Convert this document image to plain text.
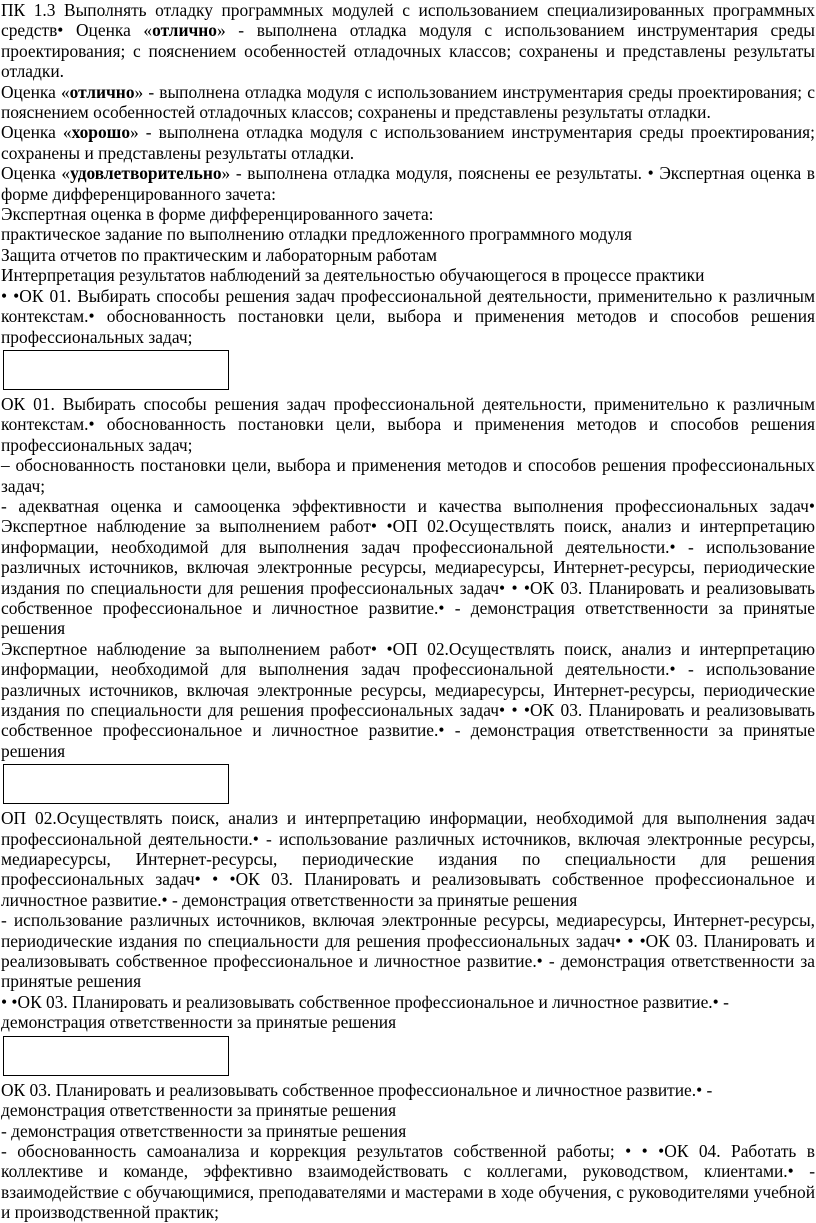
ПК 1.3 Выполнять отладку программных модулей с использованием специализированных программных средств• Оценка «отлично» - выполнена отладка модуля с использованием инструментария среды проектирования; с пояснением особенностей отладочных классов; сохранены и представлены результаты отладки.

Оценка «отлично» - выполнена отладка модуля с использованием инструментария среды проектирования; с пояснением особенностей отладочных классов; сохранены и представлены результаты отладки.

Оценка «хорошо» - выполнена отладка модуля с использованием инструментария среды проектирования; сохранены и представлены результаты отладки.

Оценка «удовлетворительно» - выполнена отладка модуля, пояснены ее результаты. • Экспертная оценка в форме дифференцированного зачета:

Экспертная оценка в форме дифференцированного зачета:

практическое задание по выполнению отладки предложенного программного модуля

Защита отчетов по практическим и лабораторным работам

Интерпретация результатов наблюдений за деятельностью обучающегося в процессе практики

• •ОК 01. Выбирать способы решения задач профессиональной деятельности, применительно к различным контекстам.• обоснованность постановки цели, выбора и применения методов и способов решения профессиональных задач;

ОК 01. Выбирать способы решения задач профессиональной деятельности, применительно к различным контекстам.• обоснованность постановки цели, выбора и применения методов и способов решения профессиональных задач;

– обоснованность постановки цели, выбора и применения методов и способов решения профессиональных задач;

- адекватная оценка и самооценка эффективности и качества выполнения профессиональных задач• Экспертное наблюдение за выполнением работ• •ОП 02.Осуществлять поиск, анализ и интерпретацию информации, необходимой для выполнения задач профессиональной деятельности.• - использование различных источников, включая электронные ресурсы, медиаресурсы, Интернет-ресурсы, периодические издания по специальности для решения профессиональных задач• • •ОК 03. Планировать и реализовывать собственное профессиональное и личностное развитие.• - демонстрация ответственности за принятые решения

Экспертное наблюдение за выполнением работ• •ОП 02.Осуществлять поиск, анализ и интерпретацию информации, необходимой для выполнения задач профессиональной деятельности.• - использование различных источников, включая электронные ресурсы, медиаресурсы, Интернет-ресурсы, периодические издания по специальности для решения профессиональных задач• • •ОК 03. Планировать и реализовывать собственное профессиональное и личностное развитие.• - демонстрация ответственности за принятые решения

ОП 02.Осуществлять поиск, анализ и интерпретацию информации, необходимой для выполнения задач профессиональной деятельности.• - использование различных источников, включая электронные ресурсы, медиаресурсы, Интернет-ресурсы, периодические издания по специальности для решения профессиональных задач• • •ОК 03. Планировать и реализовывать собственное профессиональное и личностное развитие.• - демонстрация ответственности за принятые решения

- использование различных источников, включая электронные ресурсы, медиаресурсы, Интернет-ресурсы, периодические издания по специальности для решения профессиональных задач• • •ОК 03. Планировать и реализовывать собственное профессиональное и личностное развитие.• - демонстрация ответственности за принятые решения

• •ОК 03. Планировать и реализовывать собственное профессиональное и личностное развитие.• - демонстрация ответственности за принятые решения

ОК 03. Планировать и реализовывать собственное профессиональное и личностное развитие.• - демонстрация ответственности за принятые решения

- демонстрация ответственности за принятые решения

- обоснованность самоанализа и коррекция результатов собственной работы; • • •ОК 04. Работать в коллективе и команде, эффективно взаимодействовать с коллегами, руководством, клиентами.• - взаимодействие с обучающимися, преподавателями и мастерами в ходе обучения, с руководителями учебной и производственной практик;
